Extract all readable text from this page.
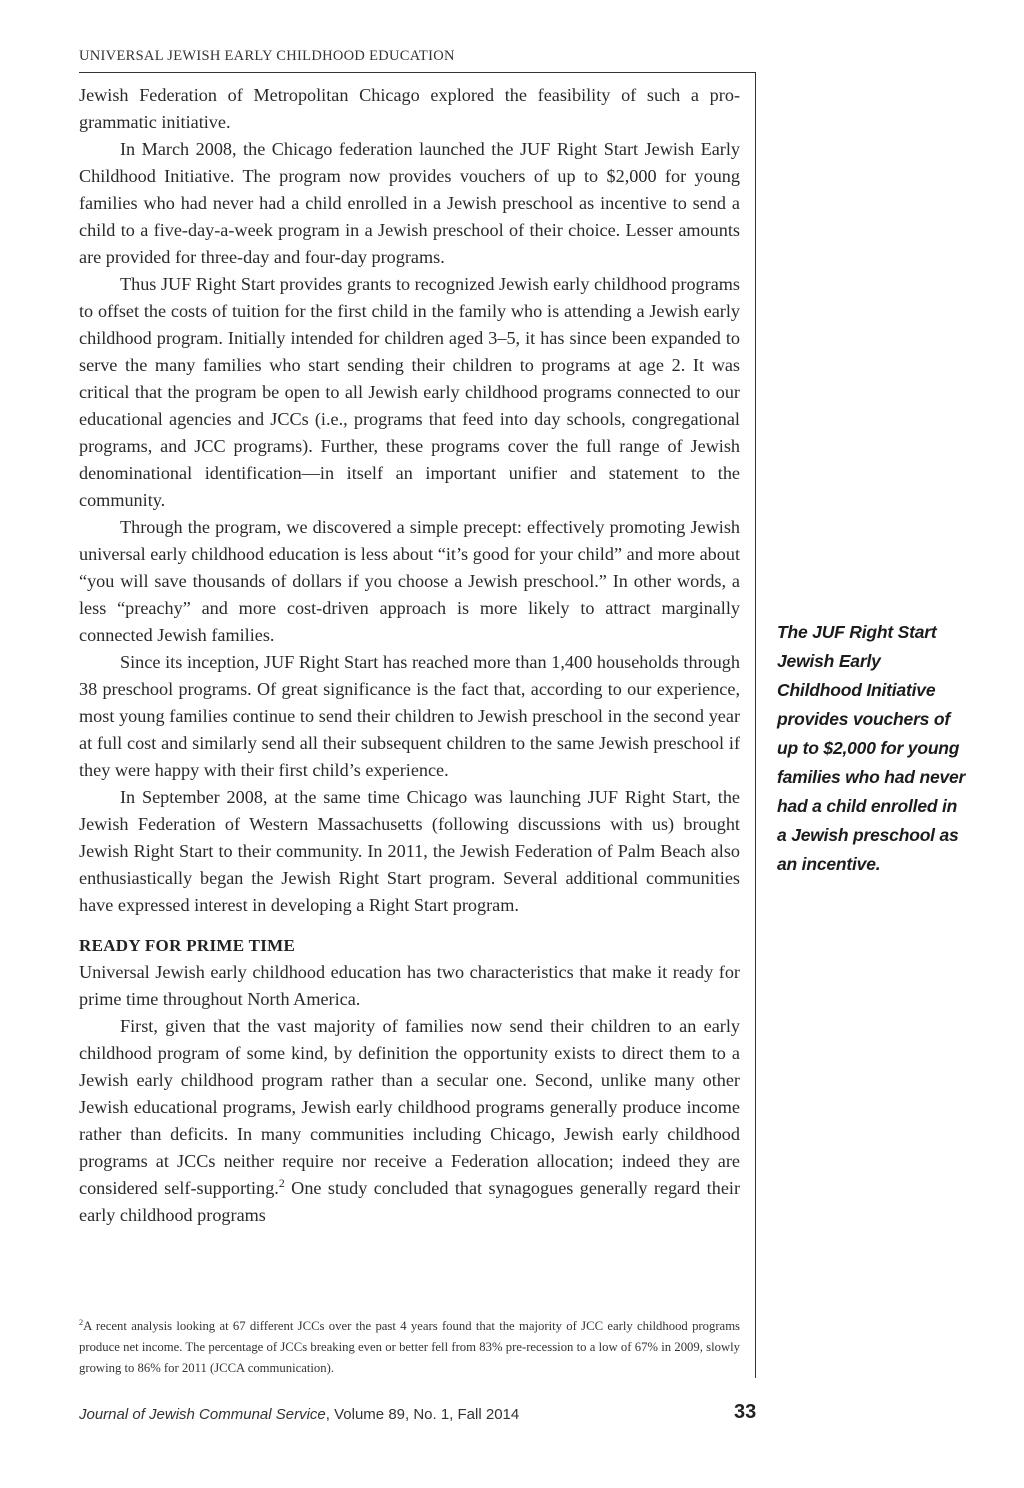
UNIVERSAL JEWISH EARLY CHILDHOOD EDUCATION

Jewish Federation of Metropolitan Chicago explored the feasibility of such a programmatic initiative.

In March 2008, the Chicago federation launched the JUF Right Start Jewish Early Childhood Initiative. The program now provides vouchers of up to $2,000 for young families who had never had a child enrolled in a Jewish preschool as incentive to send a child to a five-day-a-week program in a Jewish preschool of their choice. Lesser amounts are provided for three-day and four-day programs.

Thus JUF Right Start provides grants to recognized Jewish early childhood programs to offset the costs of tuition for the first child in the family who is attending a Jewish early childhood program. Initially intended for children aged 3–5, it has since been expanded to serve the many families who start sending their children to programs at age 2. It was critical that the program be open to all Jewish early childhood programs connected to our educational agencies and JCCs (i.e., programs that feed into day schools, congregational programs, and JCC programs). Further, these programs cover the full range of Jewish denominational identification—in itself an important unifier and statement to the community.

Through the program, we discovered a simple precept: effectively promoting Jewish universal early childhood education is less about “it’s good for your child” and more about “you will save thousands of dollars if you choose a Jewish preschool.” In other words, a less “preachy” and more cost-driven approach is more likely to attract marginally connected Jewish families.

Since its inception, JUF Right Start has reached more than 1,400 households through 38 preschool programs. Of great significance is the fact that, according to our experience, most young families continue to send their children to Jewish preschool in the second year at full cost and similarly send all their subsequent children to the same Jewish preschool if they were happy with their first child’s experience.

In September 2008, at the same time Chicago was launching JUF Right Start, the Jewish Federation of Western Massachusetts (following discussions with us) brought Jewish Right Start to their community. In 2011, the Jewish Federation of Palm Beach also enthusiastically began the Jewish Right Start program. Several additional communities have expressed interest in developing a Right Start program.

READY FOR PRIME TIME

Universal Jewish early childhood education has two characteristics that make it ready for prime time throughout North America.

First, given that the vast majority of families now send their children to an early childhood program of some kind, by definition the opportunity exists to direct them to a Jewish early childhood program rather than a secular one. Second, unlike many other Jewish educational programs, Jewish early childhood programs generally produce income rather than deficits. In many communities including Chicago, Jewish early childhood programs at JCCs neither require nor receive a Federation allocation; indeed they are considered self-supporting.$^2$ One study concluded that synagogues generally regard their early childhood programs

$^2$A recent analysis looking at 67 different JCCs over the past 4 years found that the majority of JCC early childhood programs produce net income. The percentage of JCCs breaking even or better fell from 83% pre-recession to a low of 67% in 2009, slowly growing to 86% for 2011 (JCCA communication).
The JUF Right Start Jewish Early Childhood Initiative provides vouchers of up to $2,000 for young families who had never had a child enrolled in a Jewish preschool as an incentive.
Journal of Jewish Communal Service, Volume 89, No. 1, Fall 2014	33
